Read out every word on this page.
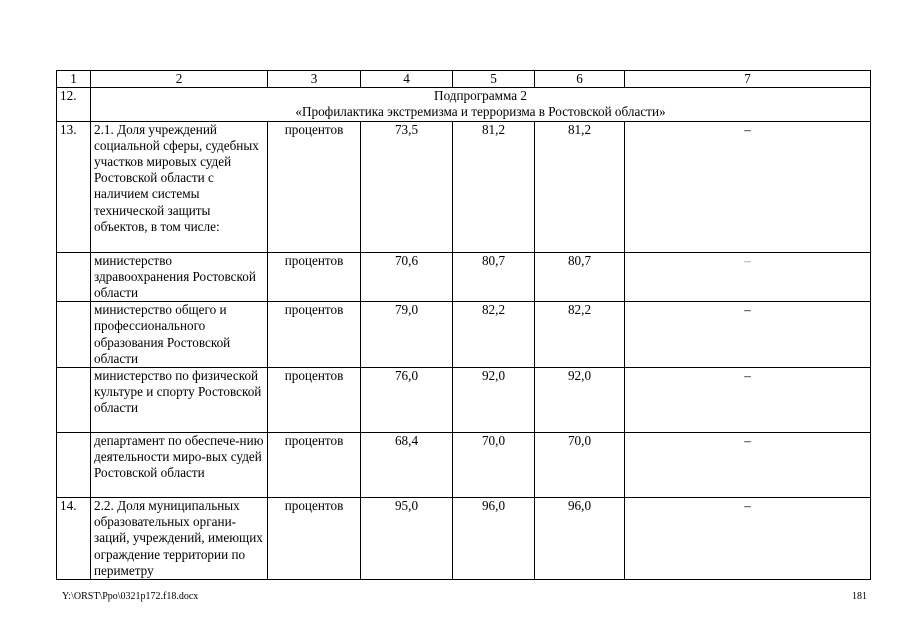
1	2	3	4	5	6	7
12.	Подпрограмма 2
«Профилактика экстремизма и терроризма в Ростовской области»					

13.	2.1. Доля учреждений социальной сферы, судебных участков мировых судей Ростовской области с наличием системы технической защиты объектов, в том числе:	процентов	73,5	81,2	81,2	–
	министерство здравоохранения Ростовской области	процентов	70,6	80,7	80,7	–
	министерство общего и профессионального образования Ростовской области	процентов	79,0	82,2	82,2	–
	министерство по физической культуре и спорту Ростовской области	процентов	76,0	92,0	92,0	–
	департамент по обеспече-нию деятельности миро-вых судей Ростовской области	процентов	68,4	70,0	70,0	–
14.	2.2. Доля муниципальных образовательных органи-заций, учреждений, имеющих ограждение территории по периметру	процентов	95,0	96,0	96,0	–
Y:\ORST\Ppo\0321p172.f18.docx	181
